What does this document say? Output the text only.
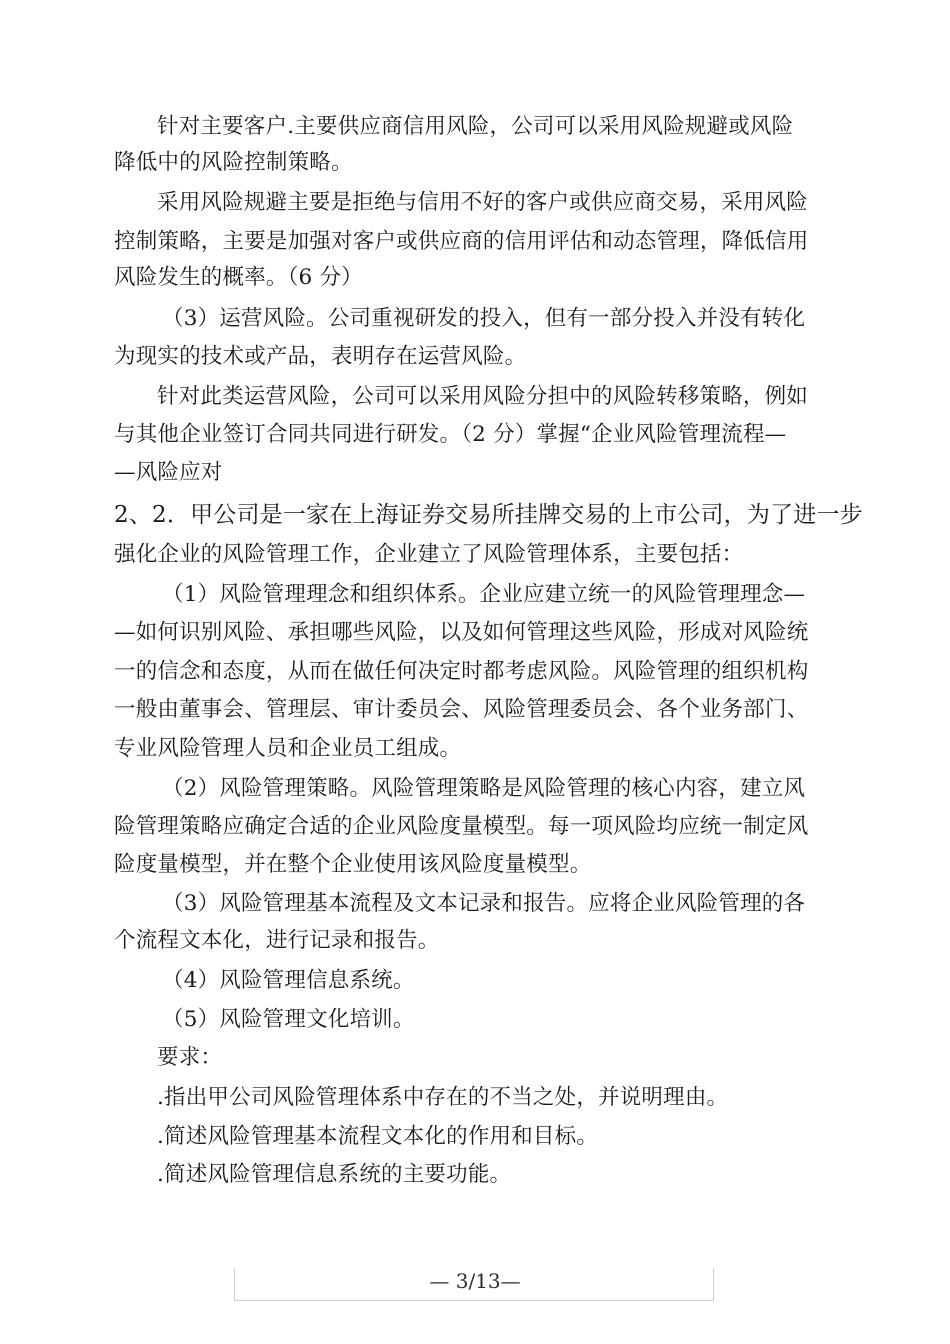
针对主要客户.主要供应商信用风险，公司可以采用风险规避或风险
降低中的风险控制策略。
采用风险规避主要是拒绝与信用不好的客户或供应商交易，采用风险
控制策略，主要是加强对客户或供应商的信用评估和动态管理，降低信用
风险发生的概率。（6 分）
（3）运营风险。公司重视研发的投入，但有一部分投入并没有转化
为现实的技术或产品，表明存在运营风险。
针对此类运营风险，公司可以采用风险分担中的风险转移策略，例如
与其他企业签订合同共同进行研发。（2 分）掌握“企业风险管理流程—
—风险应对
2、2．甲公司是一家在上海证券交易所挂牌交易的上市公司，为了进一步
强化企业的风险管理工作，企业建立了风险管理体系，主要包括：
（1）风险管理理念和组织体系。企业应建立统一的风险管理理念—
—如何识别风险、承担哪些风险，以及如何管理这些风险，形成对风险统
一的信念和态度，从而在做任何决定时都考虑风险。风险管理的组织机构
一般由董事会、管理层、审计委员会、风险管理委员会、各个业务部门、
专业风险管理人员和企业员工组成。
（2）风险管理策略。风险管理策略是风险管理的核心内容，建立风
险管理策略应确定合适的企业风险度量模型。每一项风险均应统一制定风
险度量模型，并在整个企业使用该风险度量模型。
（3）风险管理基本流程及文本记录和报告。应将企业风险管理的各
个流程文本化，进行记录和报告。
（4）风险管理信息系统。
（5）风险管理文化培训。
要求：
.指出甲公司风险管理体系中存在的不当之处，并说明理由。
.简述风险管理基本流程文本化的作用和目标。
.简述风险管理信息系统的主要功能。
— 3/13—
